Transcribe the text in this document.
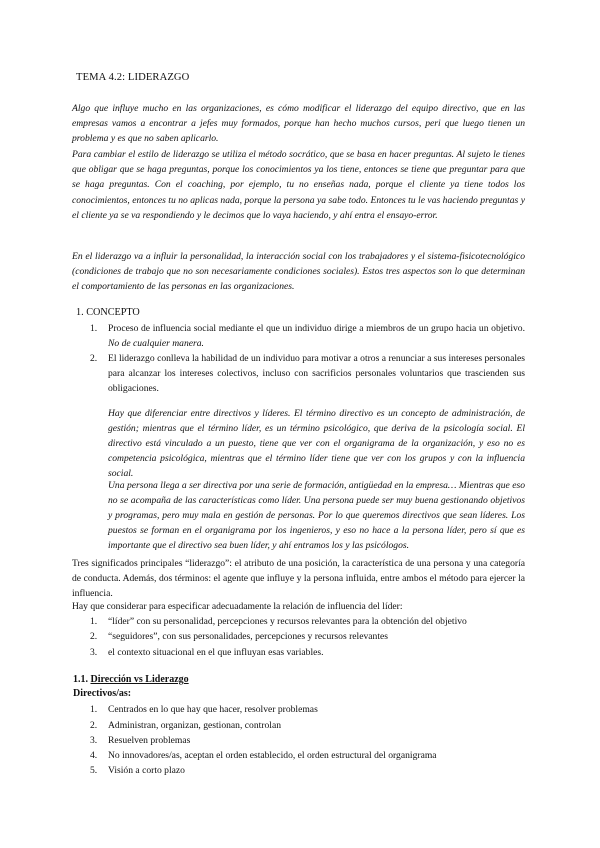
TEMA 4.2: LIDERAZGO

Algo que influye mucho en las organizaciones, es cómo modificar el liderazgo del equipo directivo, que en las empresas vamos a encontrar a jefes muy formados, porque han hecho muchos cursos, peri que luego tienen un problema y es que no saben aplicarlo.

Para cambiar el estilo de liderazgo se utiliza el método socrático, que se basa en hacer preguntas. Al sujeto le tienes que obligar que se haga preguntas, porque los conocimientos ya los tiene, entonces se tiene que preguntar para que se haga preguntas. Con el coaching, por ejemplo, tu no enseñas nada, porque el cliente ya tiene todos los conocimientos, entonces tu no aplicas nada, porque la persona ya sabe todo. Entonces tu le vas haciendo preguntas y el cliente ya se va respondiendo y le decimos que lo vaya haciendo, y ahí entra el ensayo-error.

En el liderazgo va a influir la personalidad, la interacción social con los trabajadores y el sistema-fisicotecnológico (condiciones de trabajo que no son necesariamente condiciones sociales). Estos tres aspectos son lo que determinan el comportamiento de las personas en las organizaciones.

1. CONCEPTO
1. Proceso de influencia social mediante el que un individuo dirige a miembros de un grupo hacia un objetivo. No de cualquier manera.
2. El liderazgo conlleva la habilidad de un individuo para motivar a otros a renunciar a sus intereses personales para alcanzar los intereses colectivos, incluso con sacrificios personales voluntarios que trascienden sus obligaciones.

Hay que diferenciar entre directivos y líderes. El término directivo es un concepto de administración, de gestión; mientras que el término líder, es un término psicológico, que deriva de la psicología social. El directivo está vinculado a un puesto, tiene que ver con el organigrama de la organización, y eso no es competencia psicológica, mientras que el término líder tiene que ver con los grupos y con la influencia social.

Una persona llega a ser directiva por una serie de formación, antigüedad en la empresa… Mientras que eso no se acompaña de las características como líder. Una persona puede ser muy buena gestionando objetivos y programas, pero muy mala en gestión de personas. Por lo que queremos directivos que sean líderes. Los puestos se forman en el organigrama por los ingenieros, y eso no hace a la persona líder, pero sí que es importante que el directivo sea buen líder, y ahí entramos los y las psicólogos.

Tres significados principales “liderazgo”: el atributo de una posición, la característica de una persona y una categoría de conducta. Además, dos términos: el agente que influye y la persona influida, entre ambos el método para ejercer la influencia.

Hay que considerar para especificar adecuadamente la relación de influencia del líder:

1. “líder” con su personalidad, percepciones y recursos relevantes para la obtención del objetivo
2. “seguidores”, con sus personalidades, percepciones y recursos relevantes
3. el contexto situacional en el que influyan esas variables.
1.1. Dirección vs Liderazgo
Directivos/as:
1. Centrados en lo que hay que hacer, resolver problemas
2. Administran, organizan, gestionan, controlan
3. Resuelven problemas
4. No innovadores/as, aceptan el orden establecido, el orden estructural del organigrama
5. Visión a corto plazo
